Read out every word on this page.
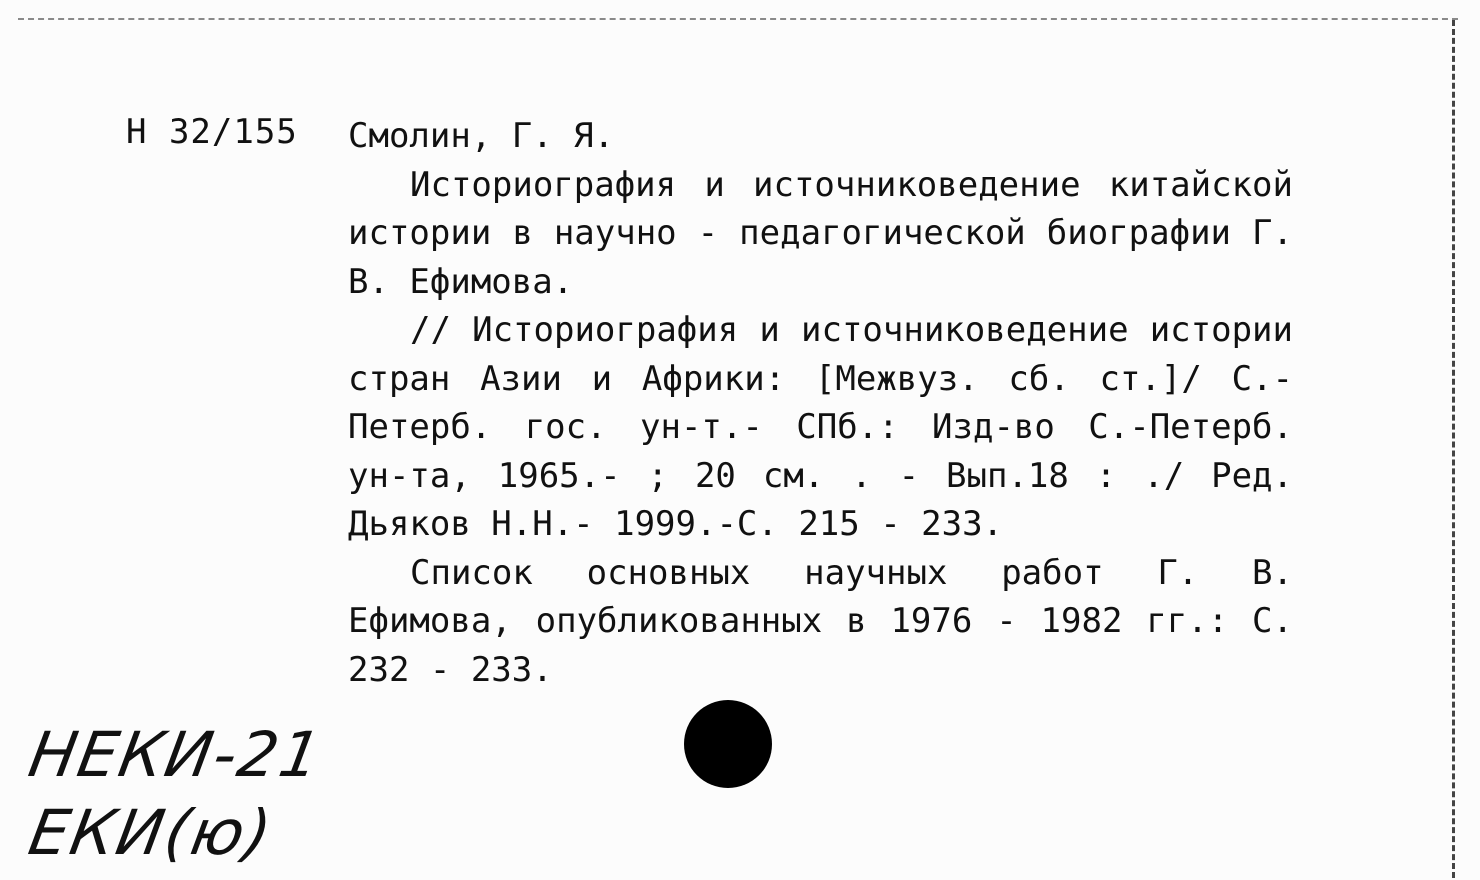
Н 32/155 Смолин, Г. Я.

Историография и источниковедение китайской истории в научно - педагогической биографии Г. В. Ефимова.

// Историография и источниковедение истории стран Азии и Африки: [Межвуз. сб. ст.]/ С.-Петерб. гос. ун-т.- СПб.: Изд-во С.-Петерб. ун-та, 1965.- ; 20 см. . - Вып.18 : ./ Ред. Дьяков Н.Н.- 1999.-С. 215 - 233.

Список основных научных работ Г. В. Ефимова, опубликованных в 1976 - 1982 гг.: С. 232 - 233.

НЕКИ-21
ЕКИ(ю)
